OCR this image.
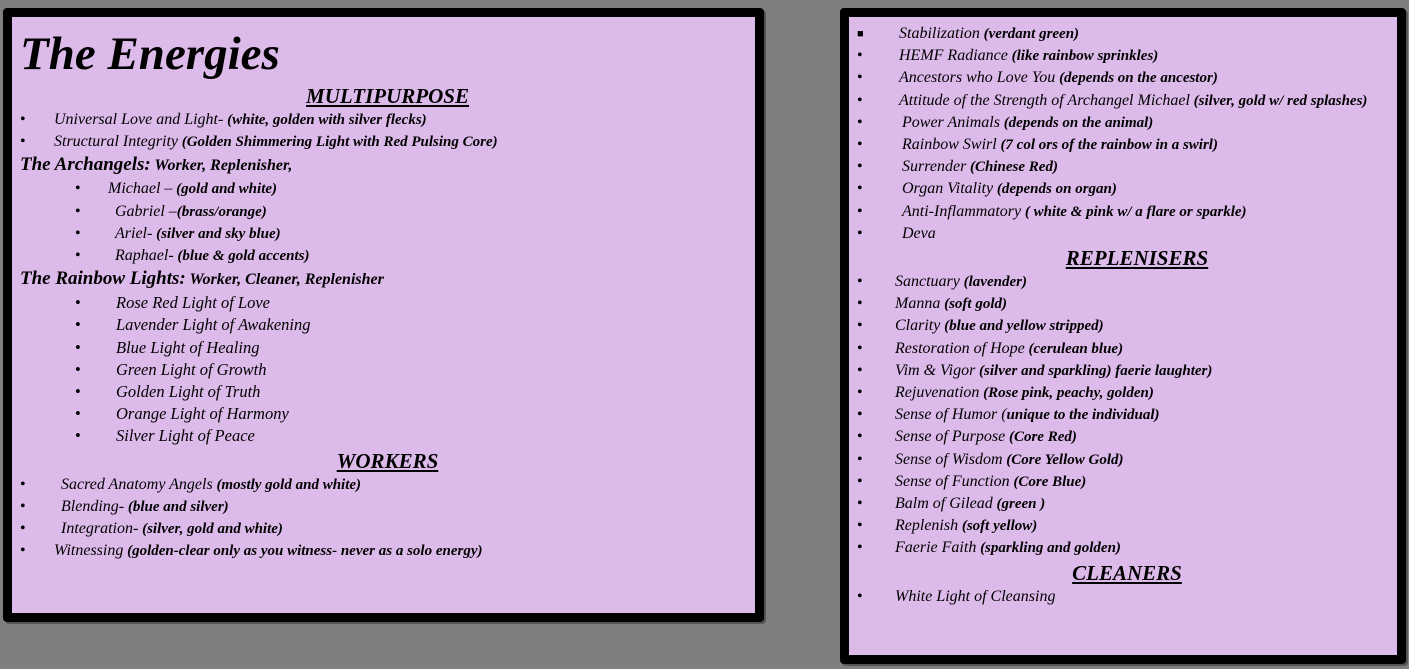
The Energies
MULTIPURPOSE
• Universal Love and Light- (white, golden with silver flecks)
• Structural Integrity (Golden Shimmering Light with Red Pulsing Core)

The Archangels: Worker, Replenisher,

• Michael – (gold and white)
• Gabriel –(brass/orange)
• Ariel- (silver and sky blue)
• Raphael- (blue & gold accents)

The Rainbow Lights: Worker, Cleaner, Replenisher

• Rose Red Light of Love
• Lavender Light of Awakening
• Blue Light of Healing
• Green Light of Growth
• Golden Light of Truth
• Orange Light of Harmony
• Silver Light of Peace
WORKERS
• Sacred Anatomy Angels (mostly gold and white)
• Blending- (blue and silver)
• Integration- (silver, gold and white)
• Witnessing (golden-clear only as you witness- never as a solo energy)
■ Stabilization (verdant green)
• HEMF Radiance (like rainbow sprinkles)
• Ancestors who Love You (depends on the ancestor)
• Attitude of the Strength of Archangel Michael (silver, gold w/ red splashes)
• Power Animals (depends on the animal)
• Rainbow Swirl (7 col ors of the rainbow in a swirl)
• Surrender (Chinese Red)
• Organ Vitality (depends on organ)
• Anti-Inflammatory ( white & pink w/ a flare or sparkle)
• Deva
REPLENISERS
• Sanctuary (lavender)
• Manna (soft gold)
• Clarity (blue and yellow stripped)
• Restoration of Hope (cerulean blue)
• Vim & Vigor (silver and sparkling) faerie laughter)
• Rejuvenation (Rose pink, peachy, golden)
• Sense of Humor (unique to the individual)
• Sense of Purpose (Core Red)
• Sense of Wisdom (Core Yellow Gold)
• Sense of Function (Core Blue)
• Balm of Gilead (green )
• Replenish (soft yellow)
• Faerie Faith (sparkling and golden)
CLEANERS
• White Light of Cleansing
